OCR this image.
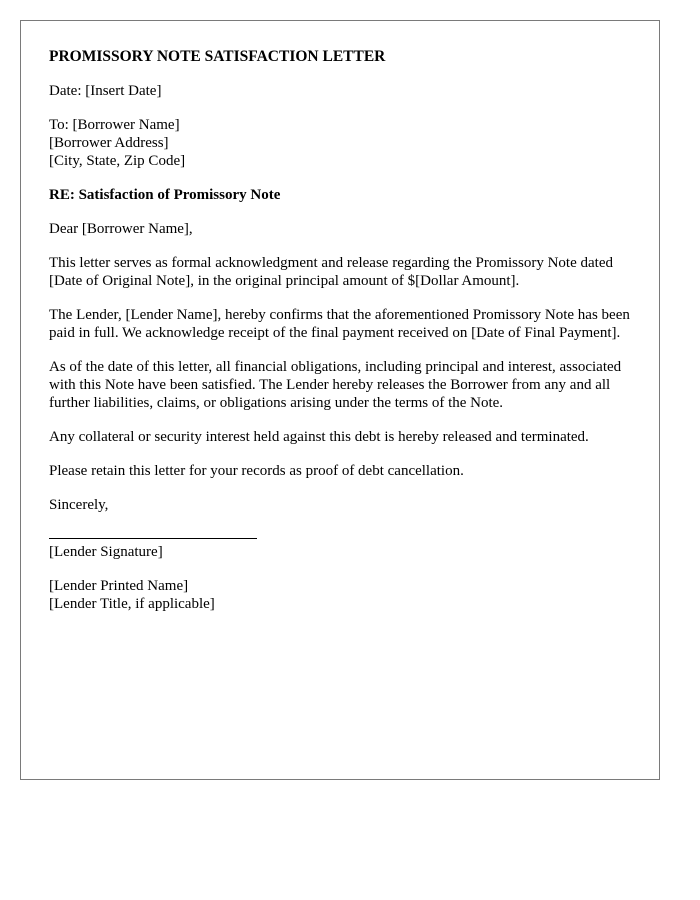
PROMISSORY NOTE SATISFACTION LETTER

Date: [Insert Date]

To: [Borrower Name]
[Borrower Address]
[City, State, Zip Code]

RE: Satisfaction of Promissory Note

Dear [Borrower Name],

This letter serves as formal acknowledgment and release regarding the Promissory Note dated [Date of Original Note], in the original principal amount of $[Dollar Amount].

The Lender, [Lender Name], hereby confirms that the aforementioned Promissory Note has been paid in full. We acknowledge receipt of the final payment received on [Date of Final Payment].

As of the date of this letter, all financial obligations, including principal and interest, associated with this Note have been satisfied. The Lender hereby releases the Borrower from any and all further liabilities, claims, or obligations arising under the terms of the Note.

Any collateral or security interest held against this debt is hereby released and terminated.

Please retain this letter for your records as proof of debt cancellation.

Sincerely,

[Lender Signature]

[Lender Printed Name]
[Lender Title, if applicable]
